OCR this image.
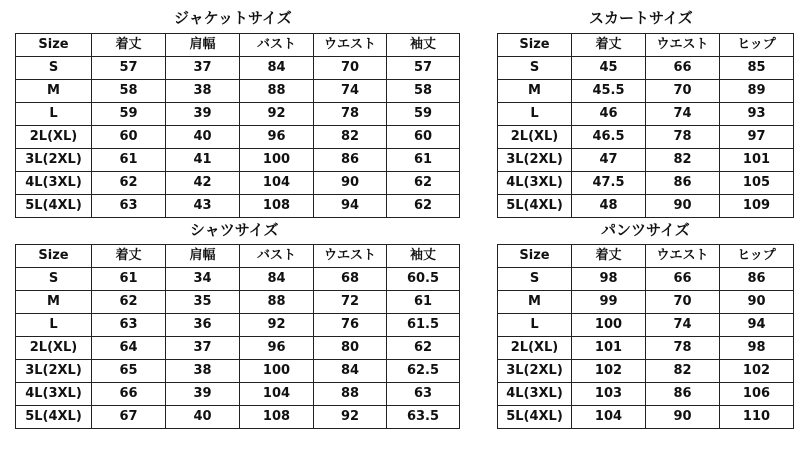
ジャケットサイズ
Size	着丈	肩幅	バスト	ウエスト	袖丈
S	57	37	84	70	57
M	58	38	88	74	58
L	59	39	92	78	59
2L(XL)	60	40	96	82	60
3L(2XL)	61	41	100	86	61
4L(3XL)	62	42	104	90	62
5L(4XL)	63	43	108	94	62
スカートサイズ
Size	着丈	ウエスト	ヒップ
S	45	66	85
M	45.5	70	89
L	46	74	93
2L(XL)	46.5	78	97
3L(2XL)	47	82	101
4L(3XL)	47.5	86	105
5L(4XL)	48	90	109
シャツサイズ
Size	着丈	肩幅	バスト	ウエスト	袖丈
S	61	34	84	68	60.5
M	62	35	88	72	61
L	63	36	92	76	61.5
2L(XL)	64	37	96	80	62
3L(2XL)	65	38	100	84	62.5
4L(3XL)	66	39	104	88	63
5L(4XL)	67	40	108	92	63.5
パンツサイズ
Size	着丈	ウエスト	ヒップ
S	98	66	86
M	99	70	90
L	100	74	94
2L(XL)	101	78	98
3L(2XL)	102	82	102
4L(3XL)	103	86	106
5L(4XL)	104	90	110
